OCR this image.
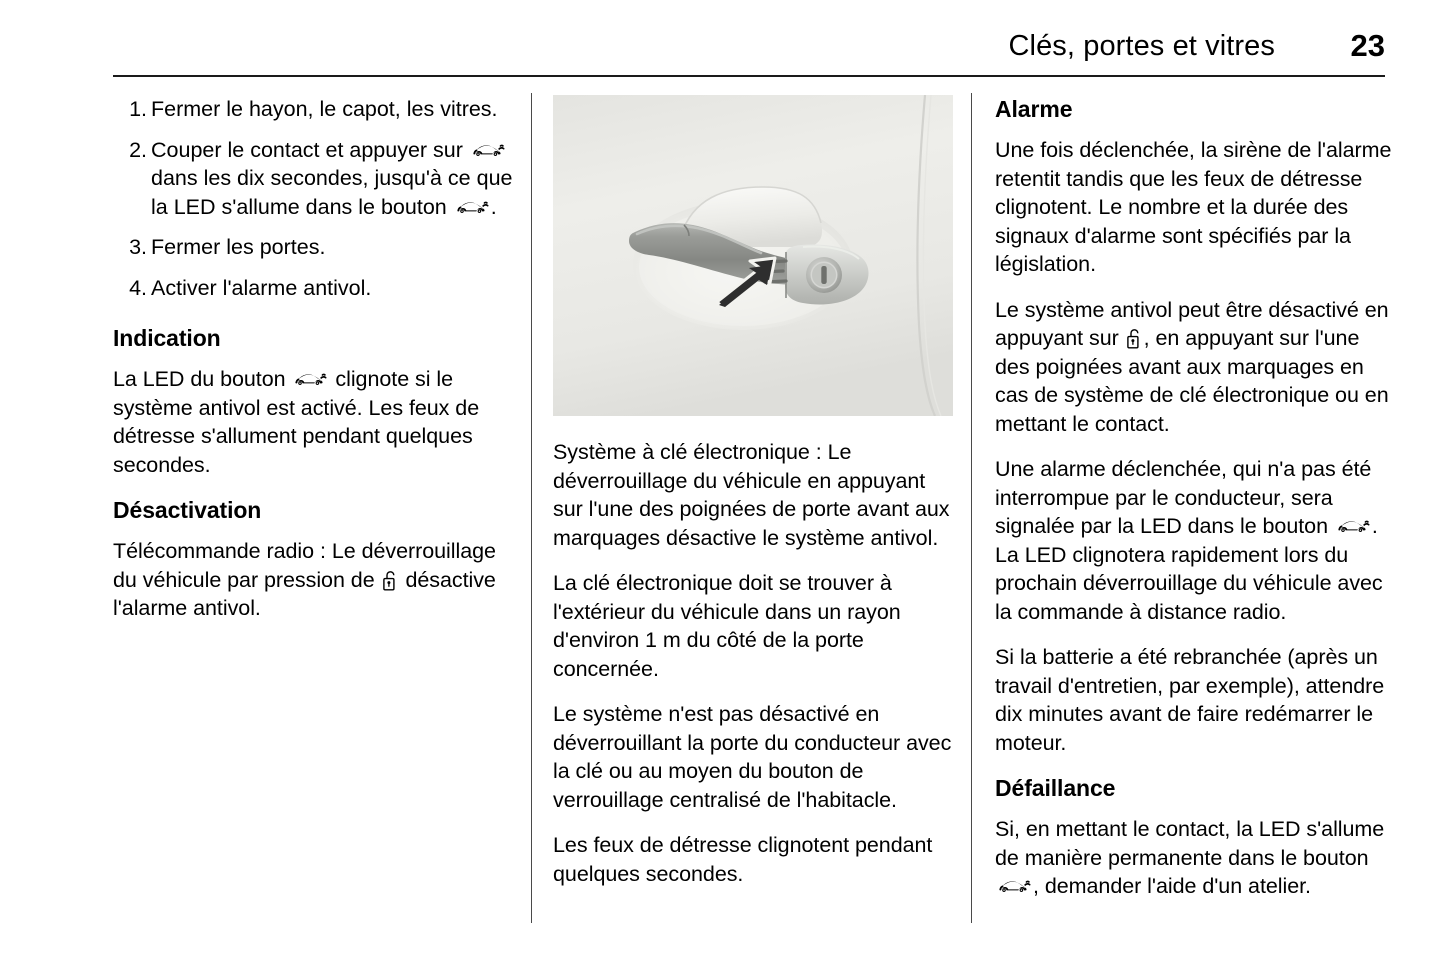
Clés, portes et vitres 23
1. Fermer le hayon, le capot, les vitres.
2. Couper le contact et appuyer sur  dans les dix secondes, jusqu'à ce que la LED s'allume dans le bouton .
3. Fermer les portes.
4. Activer l'alarme antivol.
Indication

La LED du bouton  clignote si le système antivol est activé. Les feux de détresse s'allument pendant quelques secondes.

Désactivation

Télécommande radio : Le déverrouillage du véhicule par pression de  désactive l'alarme antivol.

Système à clé électronique : Le déverrouillage du véhicule en appuyant sur l'une des poignées de porte avant aux marquages désactive le système antivol.

La clé électronique doit se trouver à l'extérieur du véhicule dans un rayon d'environ 1 m du côté de la porte concernée.

Le système n'est pas désactivé en déverrouillant la porte du conducteur avec la clé ou au moyen du bouton de verrouillage centralisé de l'habitacle.

Les feux de détresse clignotent pendant quelques secondes.

Alarme

Une fois déclenchée, la sirène de l'alarme retentit tandis que les feux de détresse clignotent. Le nombre et la durée des signaux d'alarme sont spécifiés par la législation.

Le système antivol peut être désactivé en appuyant sur , en appuyant sur l'une des poignées avant aux marquages en cas de système de clé électronique ou en mettant le contact.

Une alarme déclenchée, qui n'a pas été interrompue par le conducteur, sera signalée par la LED dans le bouton . La LED clignotera rapidement lors du prochain déverrouillage du véhicule avec la commande à distance radio.

Si la batterie a été rebranchée (après un travail d'entretien, par exemple), attendre dix minutes avant de faire redémarrer le moteur.

Défaillance

Si, en mettant le contact, la LED s'allume de manière permanente dans le bouton , demander l'aide d'un atelier.
